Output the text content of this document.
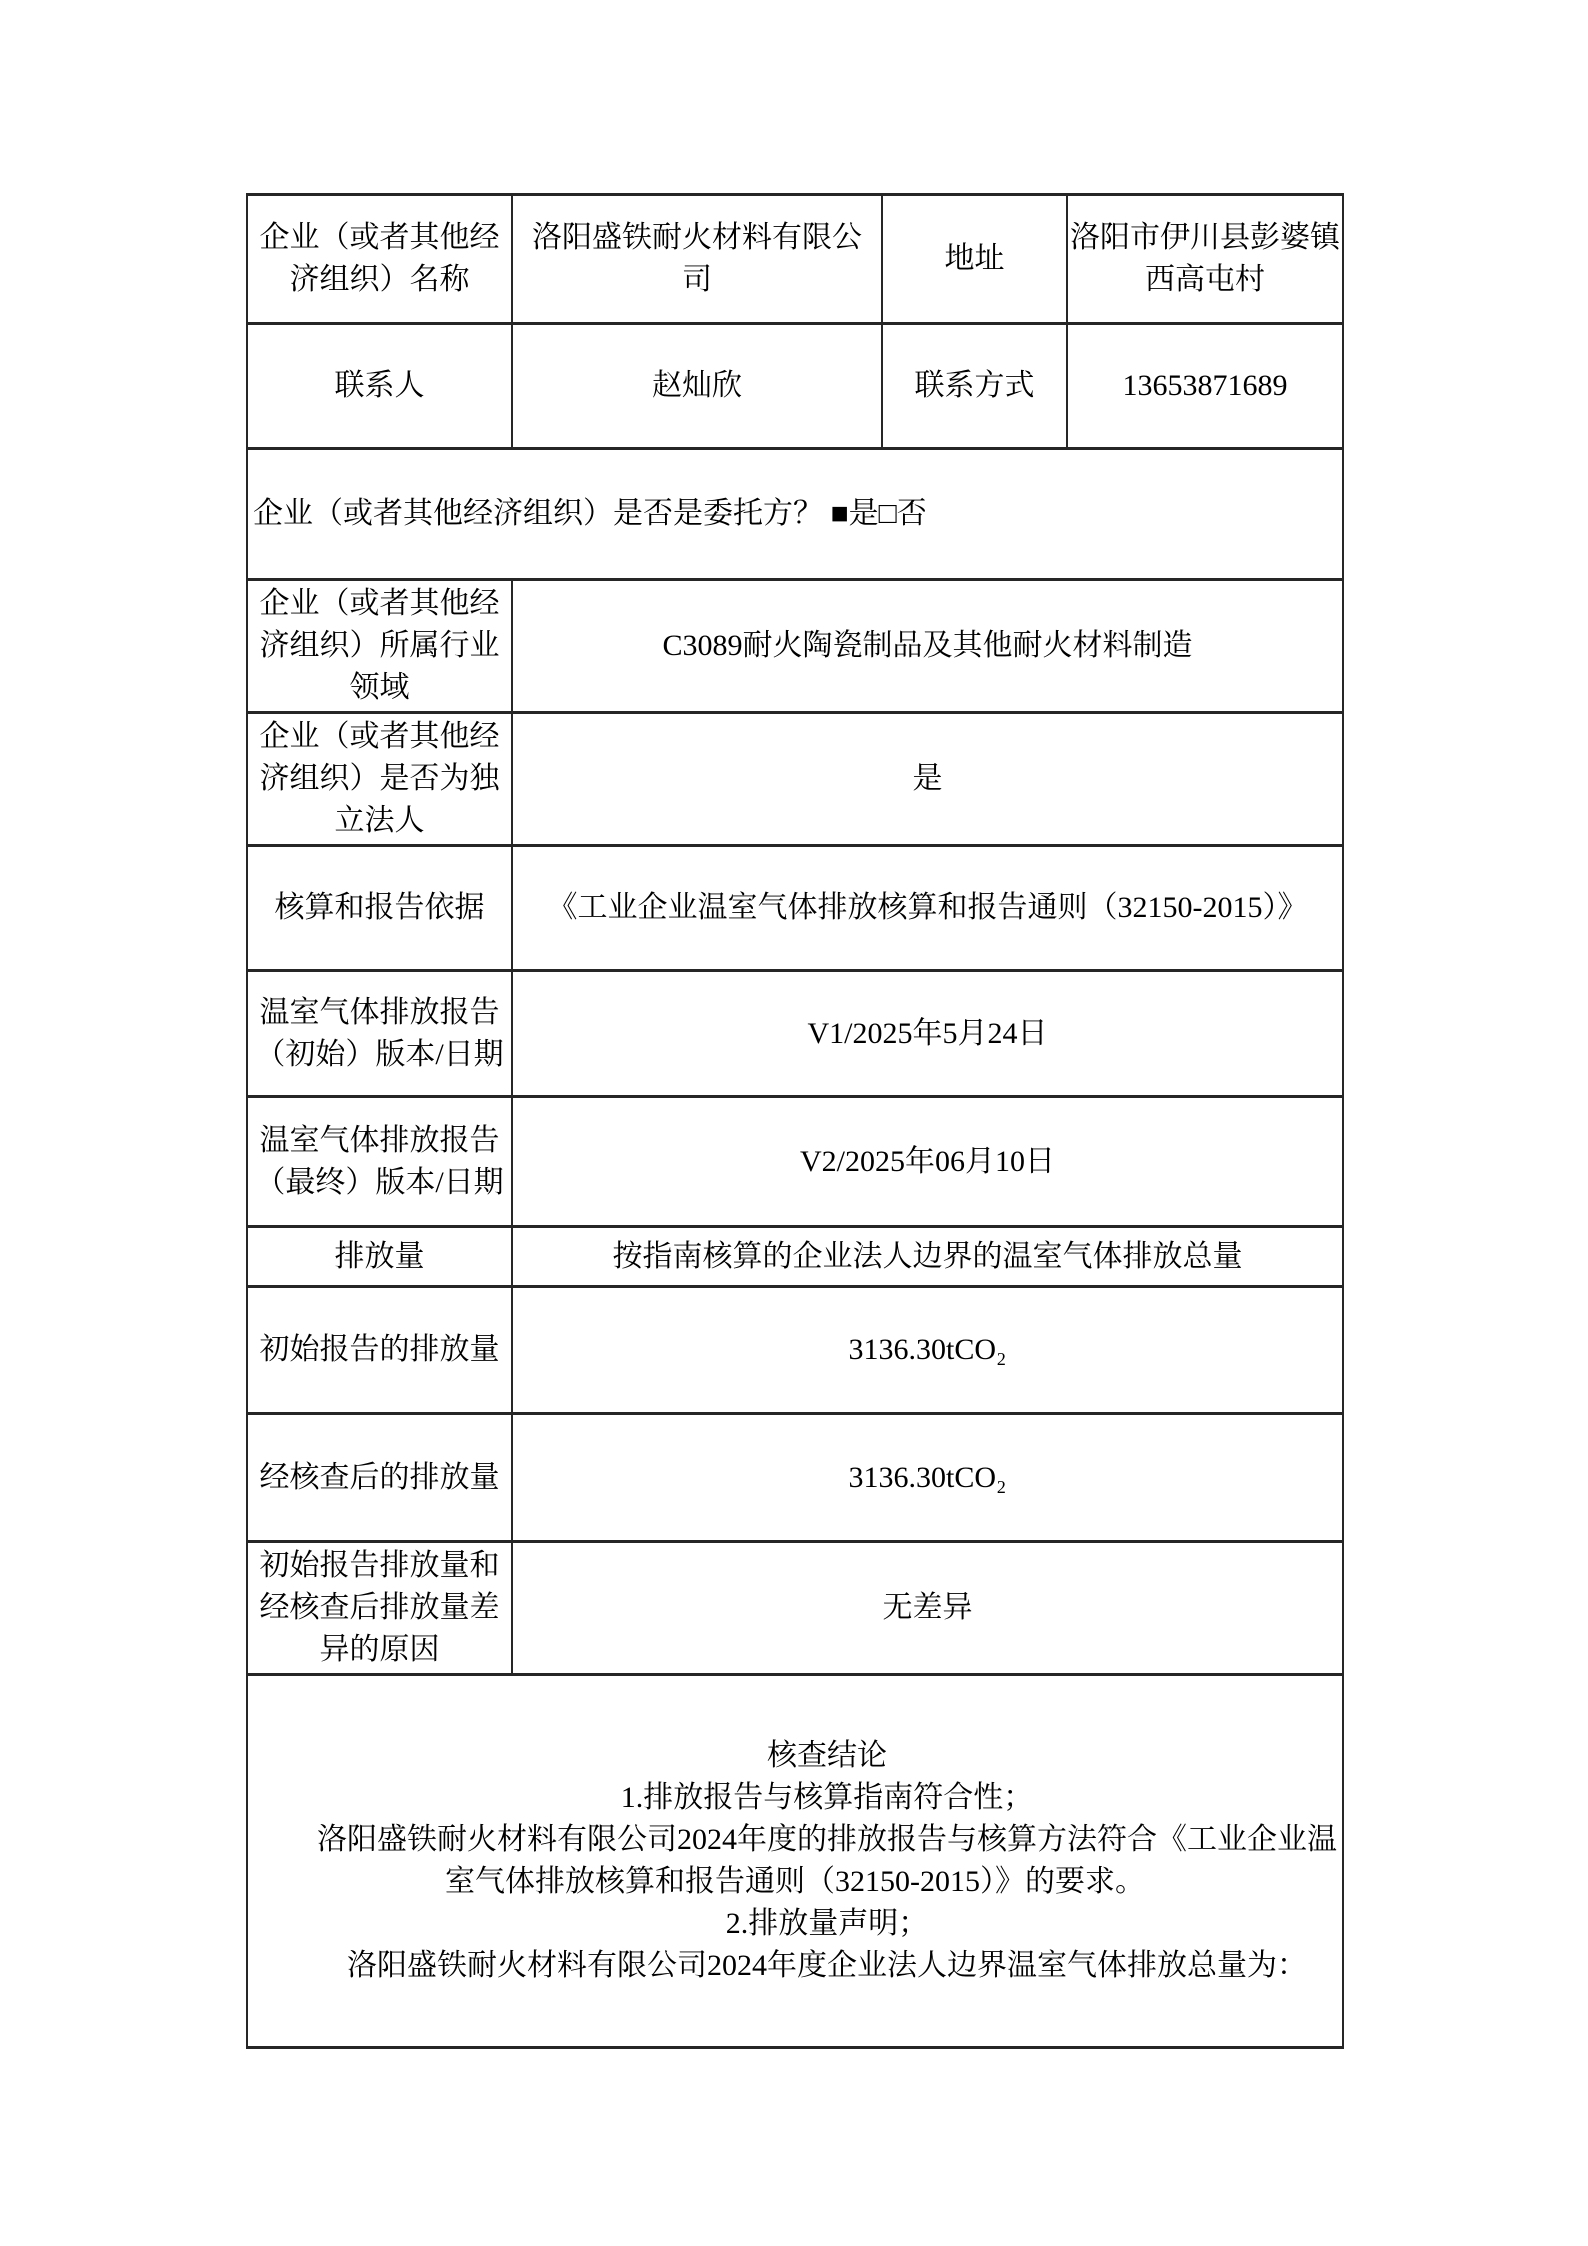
企业（或者其他经济组织）名称	洛阳盛铁耐火材料有限公司	地址	洛阳市伊川县彭婆镇西高屯村
联系人	赵灿欣	联系方式	13653871689
企业（或者其他经济组织）是否是委托方？ ■是□否			
企业（或者其他经济组织）所属行业领域	C3089耐火陶瓷制品及其他耐火材料制造		
企业（或者其他经济组织）是否为独立法人	是		
核算和报告依据	《工业企业温室气体排放核算和报告通则（32150-2015）》		
温室气体排放报告（初始）版本/日期	V1/2025年5月24日		
温室气体排放报告（最终）版本/日期	V2/2025年06月10日		
排放量	按指南核算的企业法人边界的温室气体排放总量		
初始报告的排放量	3136.30tCO₂		
经核查后的排放量	3136.30tCO₂		
初始报告排放量和经核查后排放量差异的原因	无差异		

核查结论

1.排放报告与核算指南符合性；

洛阳盛铁耐火材料有限公司2024年度的排放报告与核算方法符合《工业企业温室气体排放核算和报告通则（32150-2015）》的要求。

2.排放量声明；

洛阳盛铁耐火材料有限公司2024年度企业法人边界温室气体排放总量为：			
